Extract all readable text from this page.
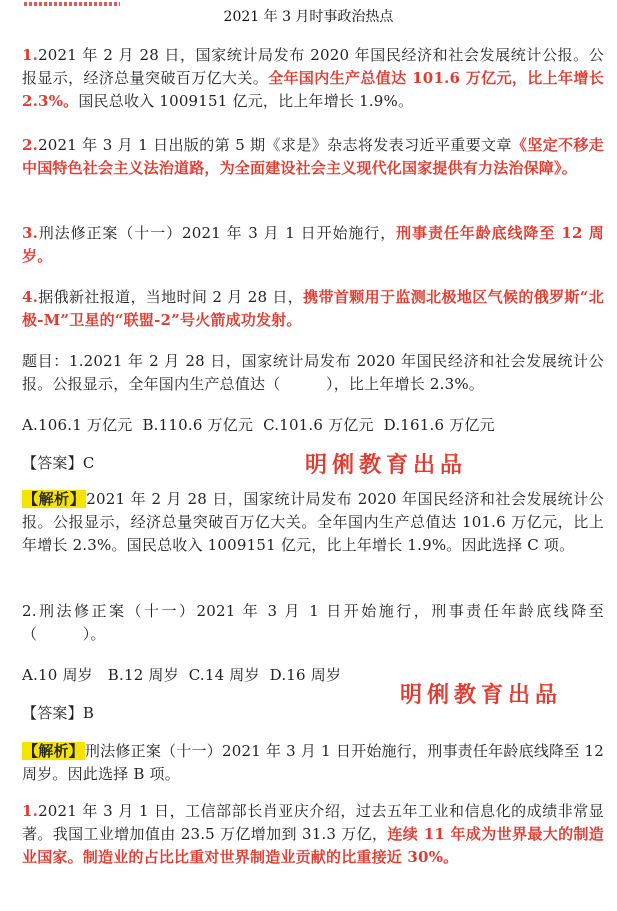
2021 年 3 月时事政治热点
1.2021 年 2 月 28 日，国家统计局发布 2020 年国民经济和社会发展统计公报。公报显示，经济总量突破百万亿大关。全年国内生产总值达 101.6 万亿元，比上年增长 2.3%。国民总收入 1009151 亿元，比上年增长 1.9%。
2.2021 年 3 月 1 日出版的第 5 期《求是》杂志将发表习近平重要文章《坚定不移走中国特色社会主义法治道路，为全面建设社会主义现代化国家提供有力法治保障》。
3.刑法修正案（十一）2021 年 3 月 1 日开始施行，刑事责任年龄底线降至 12 周岁。
4.据俄新社报道，当地时间 2 月 28 日，携带首颗用于监测北极地区气候的俄罗斯“北极-M”卫星的“联盟-2”号火箭成功发射。
题目：1.2021 年 2 月 28 日，国家统计局发布 2020 年国民经济和社会发展统计公报。公报显示，全年国内生产总值达（　　　），比上年增长 2.3%。
A.106.1 万亿元  B.110.6 万亿元  C.101.6 万亿元  D.161.6 万亿元
【答案】C	明俐教育出品
【解析】2021 年 2 月 28 日，国家统计局发布 2020 年国民经济和社会发展统计公报。公报显示，经济总量突破百万亿大关。全年国内生产总值达 101.6 万亿元，比上年增长 2.3%。国民总收入 1009151 亿元，比上年增长 1.9%。因此选择 C 项。
2.刑法修正案（十一）2021 年 3 月 1 日开始施行，刑事责任年龄底线降至（　　　）。
A.10 周岁   B.12 周岁  C.14 周岁  D.16 周岁
明俐教育出品
【答案】B
【解析】刑法修正案（十一）2021 年 3 月 1 日开始施行，刑事责任年龄底线降至 12 周岁。因此选择 B 项。
1.2021 年 3 月 1 日，工信部部长肖亚庆介绍，过去五年工业和信息化的成绩非常显著。我国工业增加值由 23.5 万亿增加到 31.3 万亿，连续 11 年成为世界最大的制造业国家。制造业的占比比重对世界制造业贡献的比重接近 30%。
